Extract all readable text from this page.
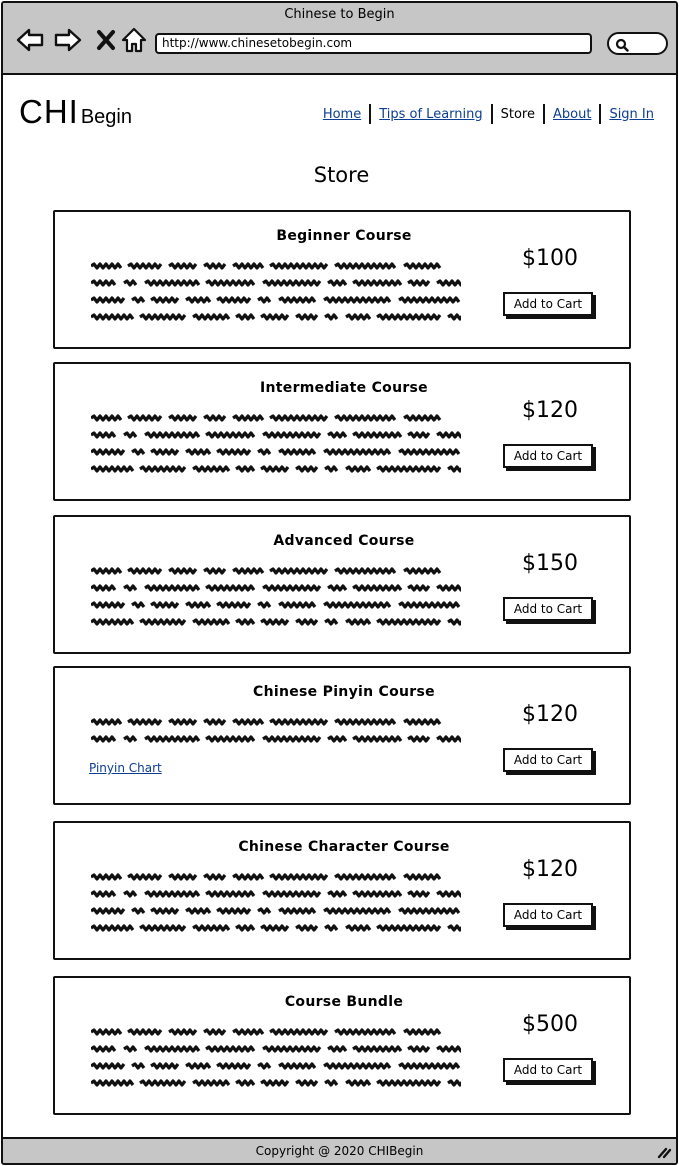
Chinese to Begin
http://www.chinesetobegin.com
CHI Begin	Home	Tips of Learning	Store	About	Sign In
Store
Beginner Course
$100
Add to Cart
Intermediate Course
$120
Add to Cart
Advanced Course
$150
Add to Cart
Chinese Pinyin Course
Pinyin Chart
$120
Add to Cart
Chinese Character Course
$120
Add to Cart
Course Bundle
$500
Add to Cart
Copyright @ 2020 CHIBegin
